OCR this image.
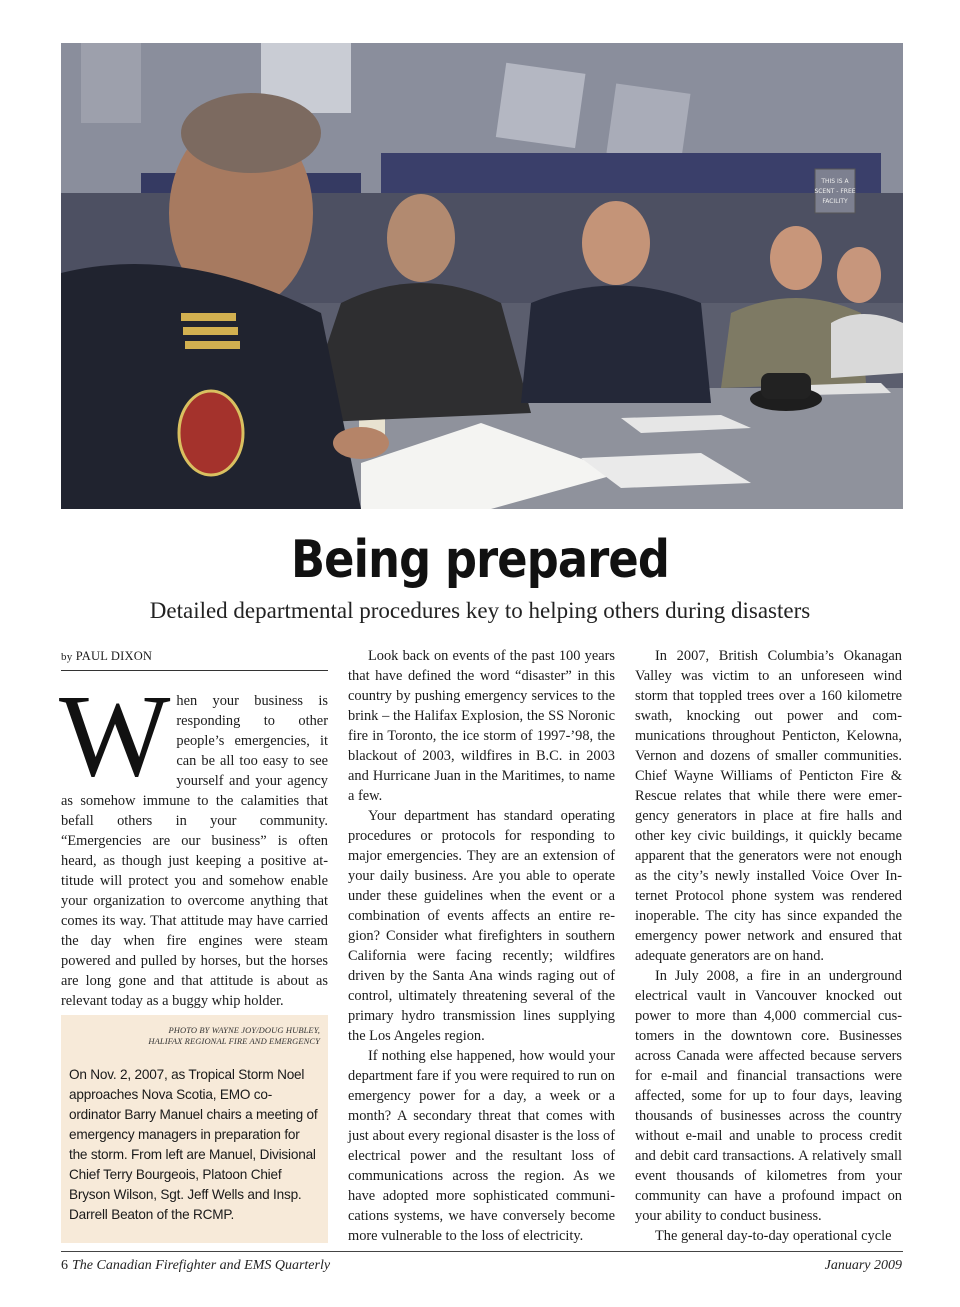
THIS IS A
SCENT - FREE
FACILITY
Being prepared
Detailed departmental procedures key to helping others during disasters
by PAUL DIXON

When your business is responding to other people’s emergencies, it can be all too easy to see yourself and your agency as somehow immune to the calamities that befall others in your community. “Emergencies are our business” is often heard, as though just keeping a positive attitude will protect you and somehow enable your organization to overcome anything that comes its way. That attitude may have carried the day when fire engines were steam powered and pulled by horses, but the horses are long gone and that attitude is about as relevant today as a buggy whip holder.

PHOTO BY WAYNE JOY/DOUG HUBLEY,
HALIFAX REGIONAL FIRE AND EMERGENCY
On Nov. 2, 2007, as Tropical Storm Noel approaches Nova Scotia, EMO co-ordinator Barry Manuel chairs a meeting of emergency managers in preparation for the storm. From left are Manuel, Divisional Chief Terry Bourgeois, Platoon Chief Bryson Wilson, Sgt. Jeff Wells and Insp. Darrell Beaton of the RCMP.

Look back on events of the past 100 years that have defined the word “disaster” in this country by pushing emergency services to the brink – the Halifax Explosion, the SS Noronic fire in Toronto, the ice storm of 1997-’98, the blackout of 2003, wildfires in B.C. in 2003 and Hurricane Juan in the Maritimes, to name a few.

Your department has standard operating procedures or protocols for responding to major emergencies. They are an extension of your daily business. Are you able to operate under these guidelines when the event or a combination of events affects an entire region? Consider what firefighters in southern California were facing recently; wildfires driven by the Santa Ana winds raging out of control, ultimately threatening several of the primary hydro transmission lines supplying the Los Angeles region.

If nothing else happened, how would your department fare if you were required to run on emergency power for a day, a week or a month? A secondary threat that comes with just about every regional disaster is the loss of electrical power and the resultant loss of communications across the region. As we have adopted more sophisticated communications systems, we have conversely become more vulnerable to the loss of electricity.

In 2007, British Columbia’s Okanagan Valley was victim to an unforeseen wind storm that toppled trees over a 160 kilometre swath, knocking out power and communications throughout Penticton, Kelowna, Vernon and dozens of smaller communities. Chief Wayne Williams of Penticton Fire & Rescue relates that while there were emergency generators in place at fire halls and other key civic buildings, it quickly became apparent that the generators were not enough as the city’s newly installed Voice Over Internet Protocol phone system was rendered inoperable. The city has since expanded the emergency power network and ensured that adequate generators are on hand.

In July 2008, a fire in an underground electrical vault in Vancouver knocked out power to more than 4,000 commercial customers in the downtown core. Businesses across Canada were affected because servers for e-mail and financial transactions were affected, some for up to four days, leaving thousands of businesses across the country without e-mail and unable to process credit and debit card transactions. A relatively small event thousands of kilometres from your community can have a profound impact on your ability to conduct business.

The general day-to-day operational cycle

6 The Canadian Firefighter and EMS Quarterly	January 2009
